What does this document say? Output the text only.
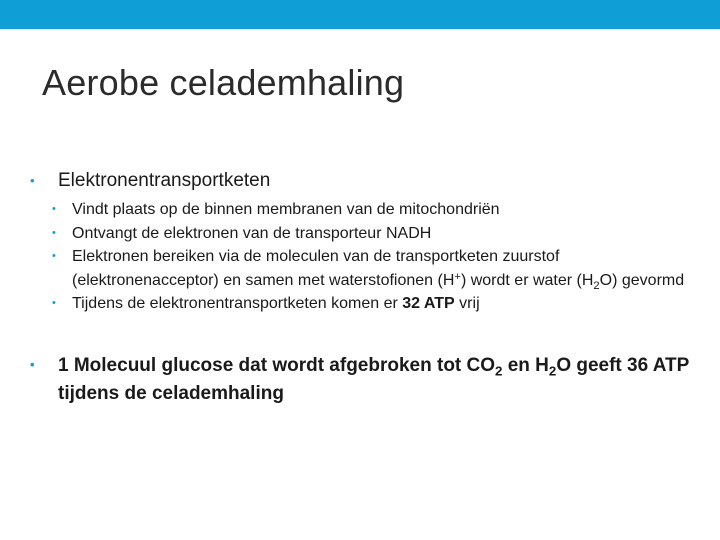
Aerobe celademhaling
• Elektronentransportketen
• Vindt plaats op de binnen membranen van de mitochondriën
• Ontvangt de elektronen van de transporteur NADH
• Elektronen bereiken via de moleculen van de transportketen zuurstof (elektronenacceptor) en samen met waterstofionen (H+) wordt er water $(H_2O)$ gevormd
• Tijdens de elektronentransportketen komen er 32 ATP vrij
• 1 Molecuul glucose dat wordt afgebroken tot $CO_2$ en $H_2O$ geeft 36 ATP tijdens de celademhaling
